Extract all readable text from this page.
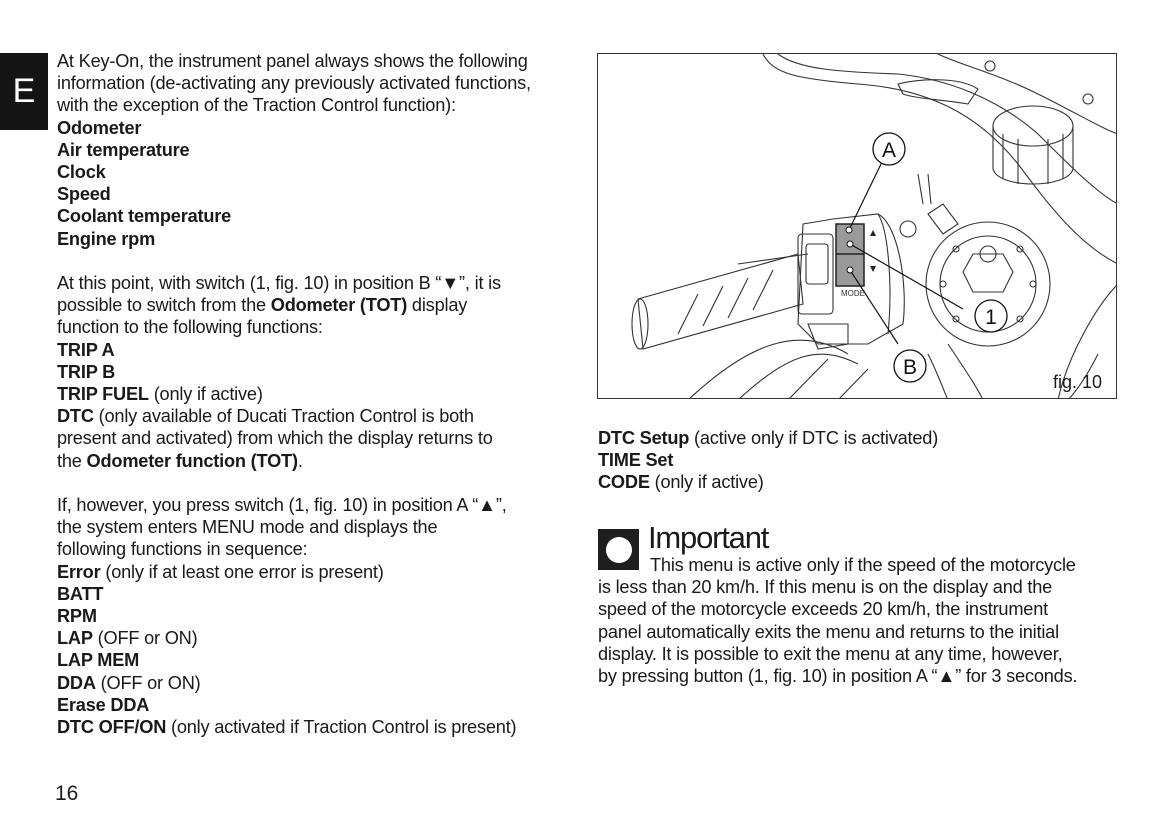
E
At Key-On, the instrument panel always shows the following
information (de-activating any previously activated functions,
with the exception of the Traction Control function):
Odometer
Air temperature
Clock
Speed
Coolant temperature
Engine rpm
At this point, with switch (1, fig. 10) in position B “▼”, it is
possible to switch from the Odometer (TOT) display
function to the following functions:
TRIP A
TRIP B
TRIP FUEL (only if active)
DTC (only available of Ducati Traction Control is both
present and activated) from which the display returns to
the Odometer function (TOT).
If, however, you press switch (1, fig. 10) in position A “▲”,
the system enters MENU mode and displays the
following functions in sequence:
Error (only if at least one error is present)
BATT
RPM
LAP (OFF or ON)
LAP MEM
DDA (OFF or ON)
Erase DDA
DTC OFF/ON (only activated if Traction Control is present)
16
MODE
A
B
1
fig. 10
DTC Setup (active only if DTC is activated)
TIME Set
CODE (only if active)
Important
This menu is active only if the speed of the motorcycle
is less than 20 km/h. If this menu is on the display and the
speed of the motorcycle exceeds 20 km/h, the instrument
panel automatically exits the menu and returns to the initial
display. It is possible to exit the menu at any time, however,
by pressing button (1, fig. 10) in position A “▲” for 3 seconds.
